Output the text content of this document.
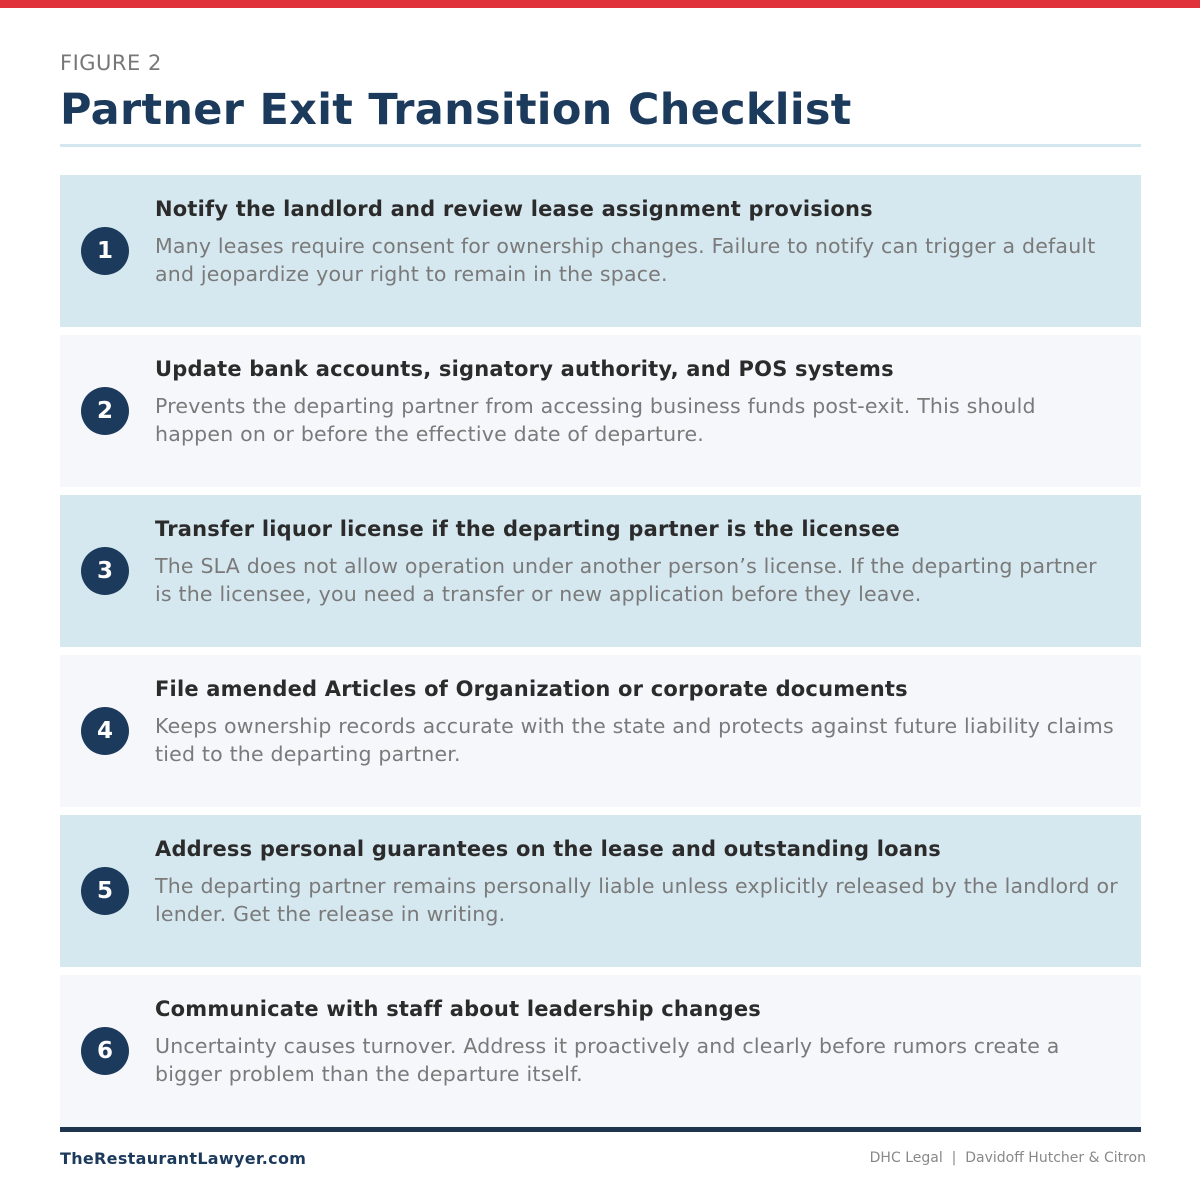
FIGURE 2
Partner Exit Transition Checklist
1
Notify the landlord and review lease assignment provisions
Many leases require consent for ownership changes. Failure to notify can trigger a default and jeopardize your right to remain in the space.
2
Update bank accounts, signatory authority, and POS systems
Prevents the departing partner from accessing business funds post-exit. This should happen on or before the effective date of departure.
3
Transfer liquor license if the departing partner is the licensee
The SLA does not allow operation under another person’s license. If the departing partner is the licensee, you need a transfer or new application before they leave.
4
File amended Articles of Organization or corporate documents
Keeps ownership records accurate with the state and protects against future liability claims tied to the departing partner.
5
Address personal guarantees on the lease and outstanding loans
The departing partner remains personally liable unless explicitly released by the landlord or lender. Get the release in writing.
6
Communicate with staff about leadership changes
Uncertainty causes turnover. Address it proactively and clearly before rumors create a bigger problem than the departure itself.
TheRestaurantLawyer.com	DHC Legal  |  Davidoff Hutcher & Citron
